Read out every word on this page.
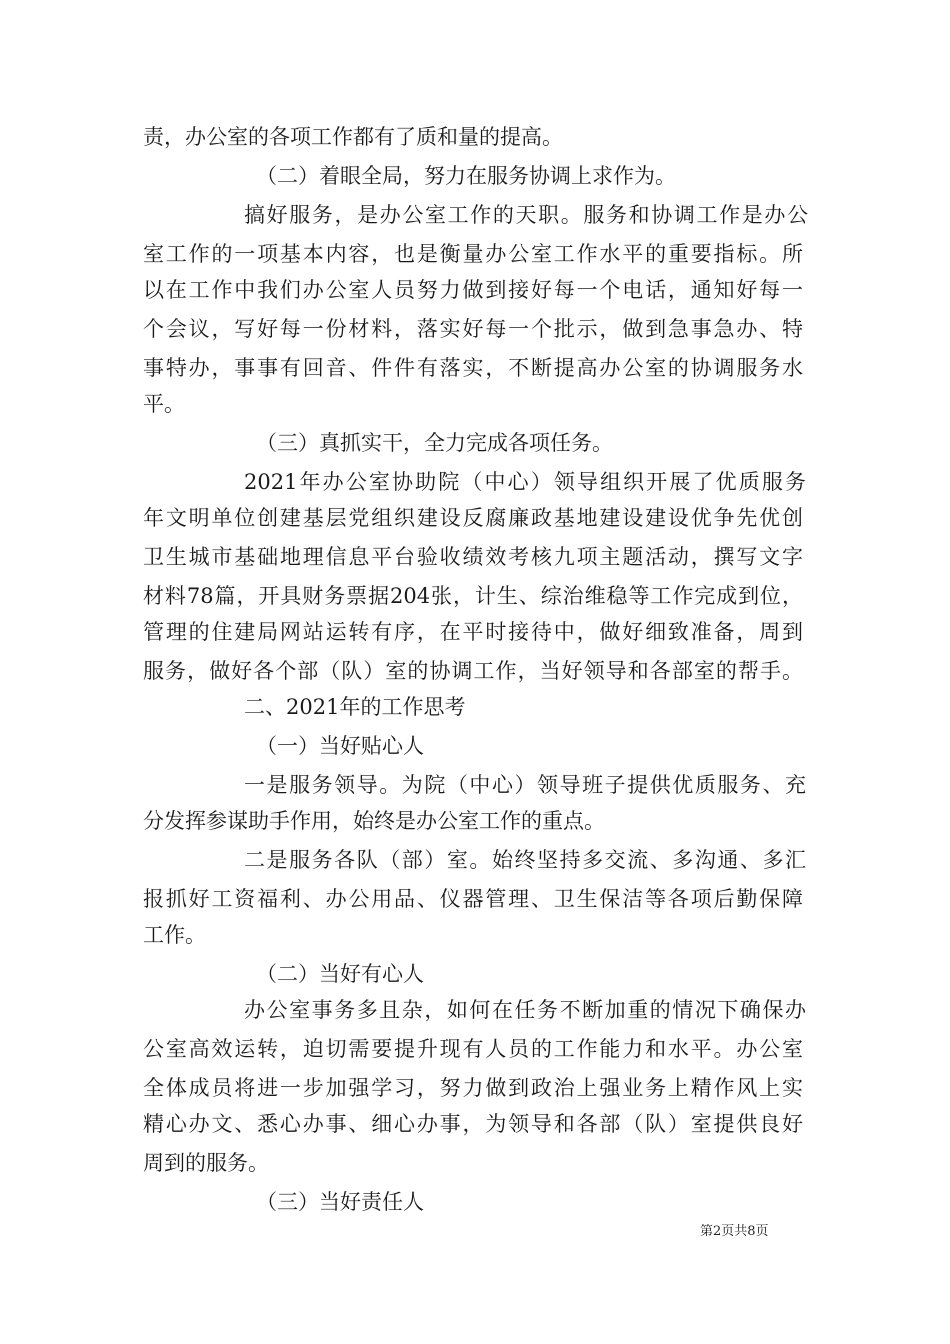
责，办公室的各项工作都有了质和量的提高。
（二）着眼全局，努力在服务协调上求作为。
搞好服务，是办公室工作的天职。服务和协调工作是办公
室工作的一项基本内容，也是衡量办公室工作水平的重要指标。所
以在工作中我们办公室人员努力做到接好每一个电话，通知好每一
个会议，写好每一份材料，落实好每一个批示，做到急事急办、特
事特办，事事有回音、件件有落实，不断提高办公室的协调服务水
平。
（三）真抓实干，全力完成各项任务。
2021年办公室协助院（中心）领导组织开展了优质服务
年文明单位创建基层党组织建设反腐廉政基地建设建设优争先优创
卫生城市基础地理信息平台验收绩效考核九项主题活动，撰写文字
材料78篇，开具财务票据204张，计生、综治维稳等工作完成到位，
管理的住建局网站运转有序，在平时接待中，做好细致准备，周到
服务，做好各个部（队）室的协调工作，当好领导和各部室的帮手。
二、2021年的工作思考
（一）当好贴心人
一是服务领导。为院（中心）领导班子提供优质服务、充
分发挥参谋助手作用，始终是办公室工作的重点。
二是服务各队（部）室。始终坚持多交流、多沟通、多汇
报抓好工资福利、办公用品、仪器管理、卫生保洁等各项后勤保障
工作。
（二）当好有心人
办公室事务多且杂，如何在任务不断加重的情况下确保办
公室高效运转，迫切需要提升现有人员的工作能力和水平。办公室
全体成员将进一步加强学习，努力做到政治上强业务上精作风上实
精心办文、悉心办事、细心办事，为领导和各部（队）室提供良好
周到的服务。
（三）当好责任人
第2页共8页
